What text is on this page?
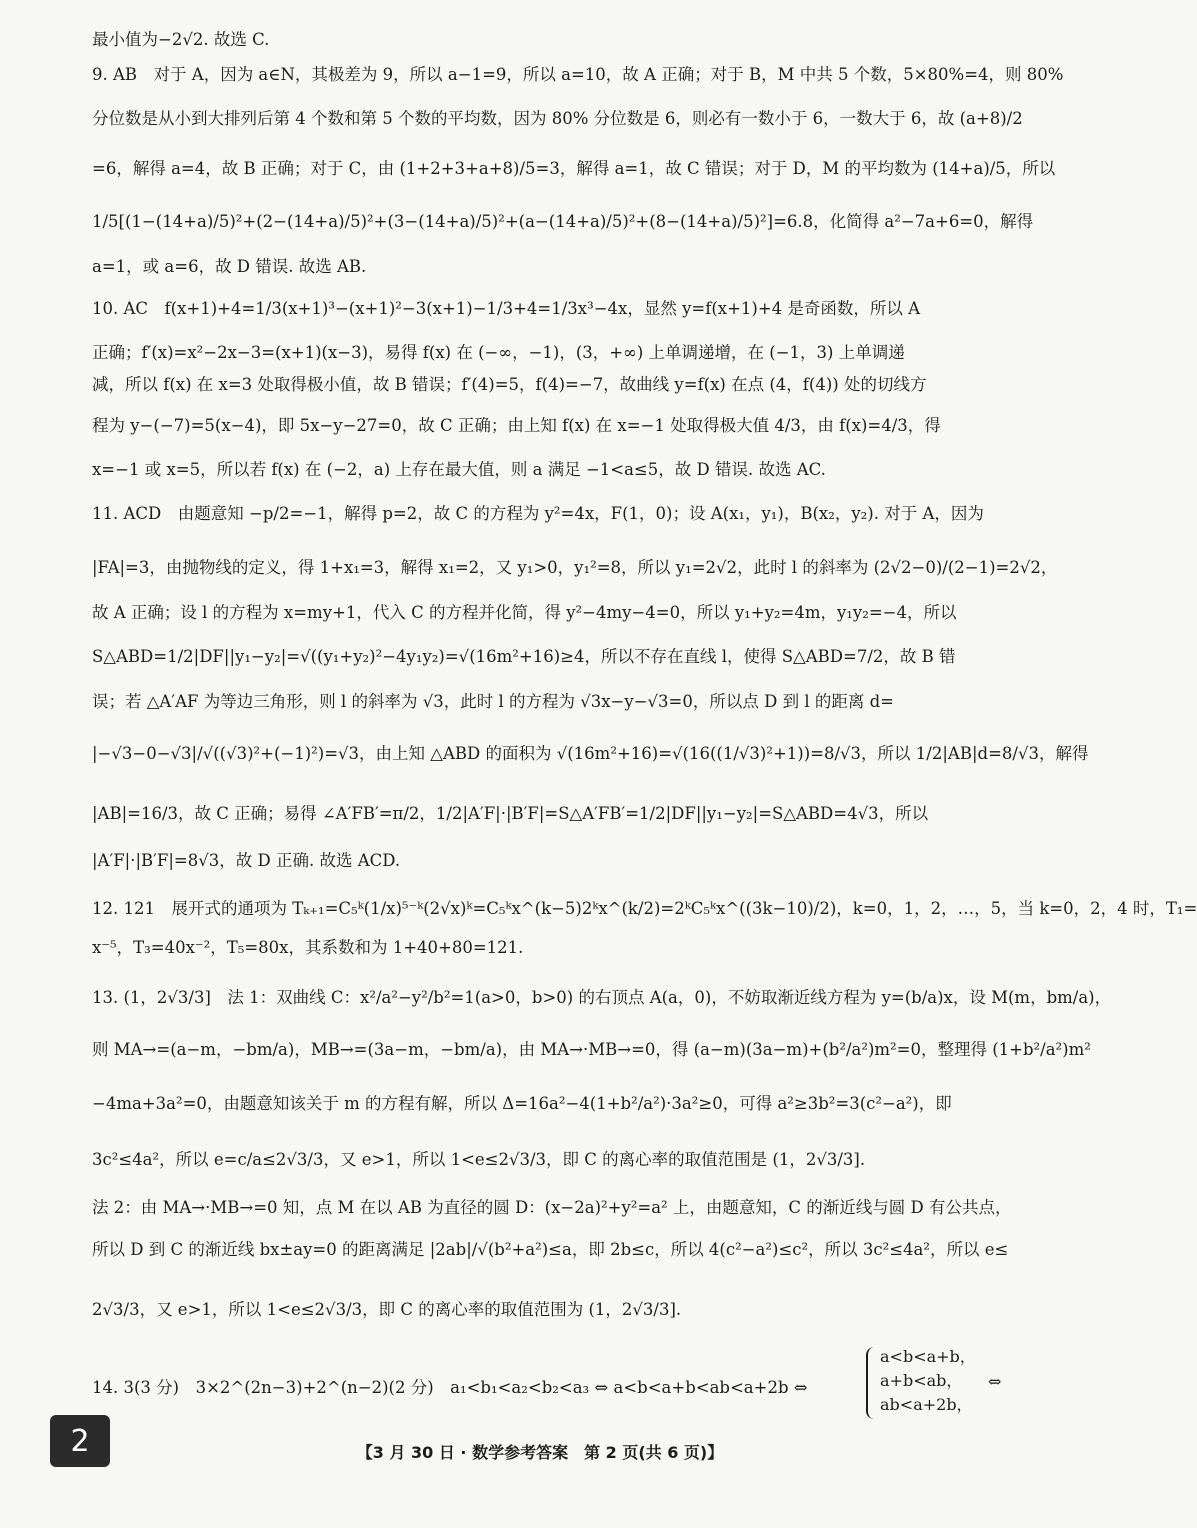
最小值为−2√2. 故选 C.
9. AB　对于 A，因为 a∈N，其极差为 9，所以 a−1=9，所以 a=10，故 A 正确；对于 B，M 中共 5 个数，5×80%=4，则 80%
分位数是从小到大排列后第 4 个数和第 5 个数的平均数，因为 80% 分位数是 6，则必有一数小于 6，一数大于 6，故 (a+8)/2
=6，解得 a=4，故 B 正确；对于 C，由 (1+2+3+a+8)/5=3，解得 a=1，故 C 错误；对于 D，M 的平均数为 (14+a)/5，所以
1/5[(1−(14+a)/5)²+(2−(14+a)/5)²+(3−(14+a)/5)²+(a−(14+a)/5)²+(8−(14+a)/5)²]=6.8，化简得 a²−7a+6=0，解得
a=1，或 a=6，故 D 错误. 故选 AB.
10. AC　f(x+1)+4=1/3(x+1)³−(x+1)²−3(x+1)−1/3+4=1/3x³−4x，显然 y=f(x+1)+4 是奇函数，所以 A
正确；f′(x)=x²−2x−3=(x+1)(x−3)，易得 f(x) 在 (−∞，−1)，(3，+∞) 上单调递增，在 (−1，3) 上单调递
减，所以 f(x) 在 x=3 处取得极小值，故 B 错误；f′(4)=5，f(4)=−7，故曲线 y=f(x) 在点 (4，f(4)) 处的切线方
程为 y−(−7)=5(x−4)，即 5x−y−27=0，故 C 正确；由上知 f(x) 在 x=−1 处取得极大值 4/3，由 f(x)=4/3，得
x=−1 或 x=5，所以若 f(x) 在 (−2，a) 上存在最大值，则 a 满足 −1<a≤5，故 D 错误. 故选 AC.
11. ACD　由题意知 −p/2=−1，解得 p=2，故 C 的方程为 y²=4x，F(1，0)；设 A(x₁，y₁)，B(x₂，y₂). 对于 A，因为
|FA|=3，由抛物线的定义，得 1+x₁=3，解得 x₁=2，又 y₁>0，y₁²=8，所以 y₁=2√2，此时 l 的斜率为 (2√2−0)/(2−1)=2√2，
故 A 正确；设 l 的方程为 x=my+1，代入 C 的方程并化简，得 y²−4my−4=0，所以 y₁+y₂=4m，y₁y₂=−4，所以
S△ABD=1/2|DF||y₁−y₂|=√((y₁+y₂)²−4y₁y₂)=√(16m²+16)≥4，所以不存在直线 l，使得 S△ABD=7/2，故 B 错
误；若 △A′AF 为等边三角形，则 l 的斜率为 √3，此时 l 的方程为 √3x−y−√3=0，所以点 D 到 l 的距离 d=
|−√3−0−√3|/√((√3)²+(−1)²)=√3，由上知 △ABD 的面积为 √(16m²+16)=√(16((1/√3)²+1))=8/√3，所以 1/2|AB|d=8/√3，解得
|AB|=16/3，故 C 正确；易得 ∠A′FB′=π/2，1/2|A′F|·|B′F|=S△A′FB′=1/2|DF||y₁−y₂|=S△ABD=4√3，所以
|A′F|·|B′F|=8√3，故 D 正确. 故选 ACD.
12. 121　展开式的通项为 Tₖ₊₁=C₅ᵏ(1/x)⁵⁻ᵏ(2√x)ᵏ=C₅ᵏx^(k−5)2ᵏx^(k/2)=2ᵏC₅ᵏx^((3k−10)/2)，k=0，1，2，…，5，当 k=0，2，4 时，T₁=
x⁻⁵，T₃=40x⁻²，T₅=80x，其系数和为 1+40+80=121.
13. (1，2√3/3]　法 1：双曲线 C：x²/a²−y²/b²=1(a>0，b>0) 的右顶点 A(a，0)，不妨取渐近线方程为 y=(b/a)x，设 M(m，bm/a)，
则 MA→=(a−m，−bm/a)，MB→=(3a−m，−bm/a)，由 MA→·MB→=0，得 (a−m)(3a−m)+(b²/a²)m²=0，整理得 (1+b²/a²)m²
−4ma+3a²=0，由题意知该关于 m 的方程有解，所以 Δ=16a²−4(1+b²/a²)·3a²≥0，可得 a²≥3b²=3(c²−a²)，即
3c²≤4a²，所以 e=c/a≤2√3/3，又 e>1，所以 1<e≤2√3/3，即 C 的离心率的取值范围是 (1，2√3/3].
法 2：由 MA→·MB→=0 知，点 M 在以 AB 为直径的圆 D：(x−2a)²+y²=a² 上，由题意知，C 的渐近线与圆 D 有公共点，
所以 D 到 C 的渐近线 bx±ay=0 的距离满足 |2ab|/√(b²+a²)≤a，即 2b≤c，所以 4(c²−a²)≤c²，所以 3c²≤4a²，所以 e≤
2√3/3，又 e>1，所以 1<e≤2√3/3，即 C 的离心率的取值范围为 (1，2√3/3].
14. 3(3 分)　3×2^(2n−3)+2^(n−2)(2 分)　a₁<b₁<a₂<b₂<a₃ ⇔ a<b<a+b<ab<a+2b ⇔
a<b<a+b，
a+b<ab，
ab<a+2b，
⇔
2	【3 月 30 日 · 数学参考答案　第 2 页(共 6 页)】
